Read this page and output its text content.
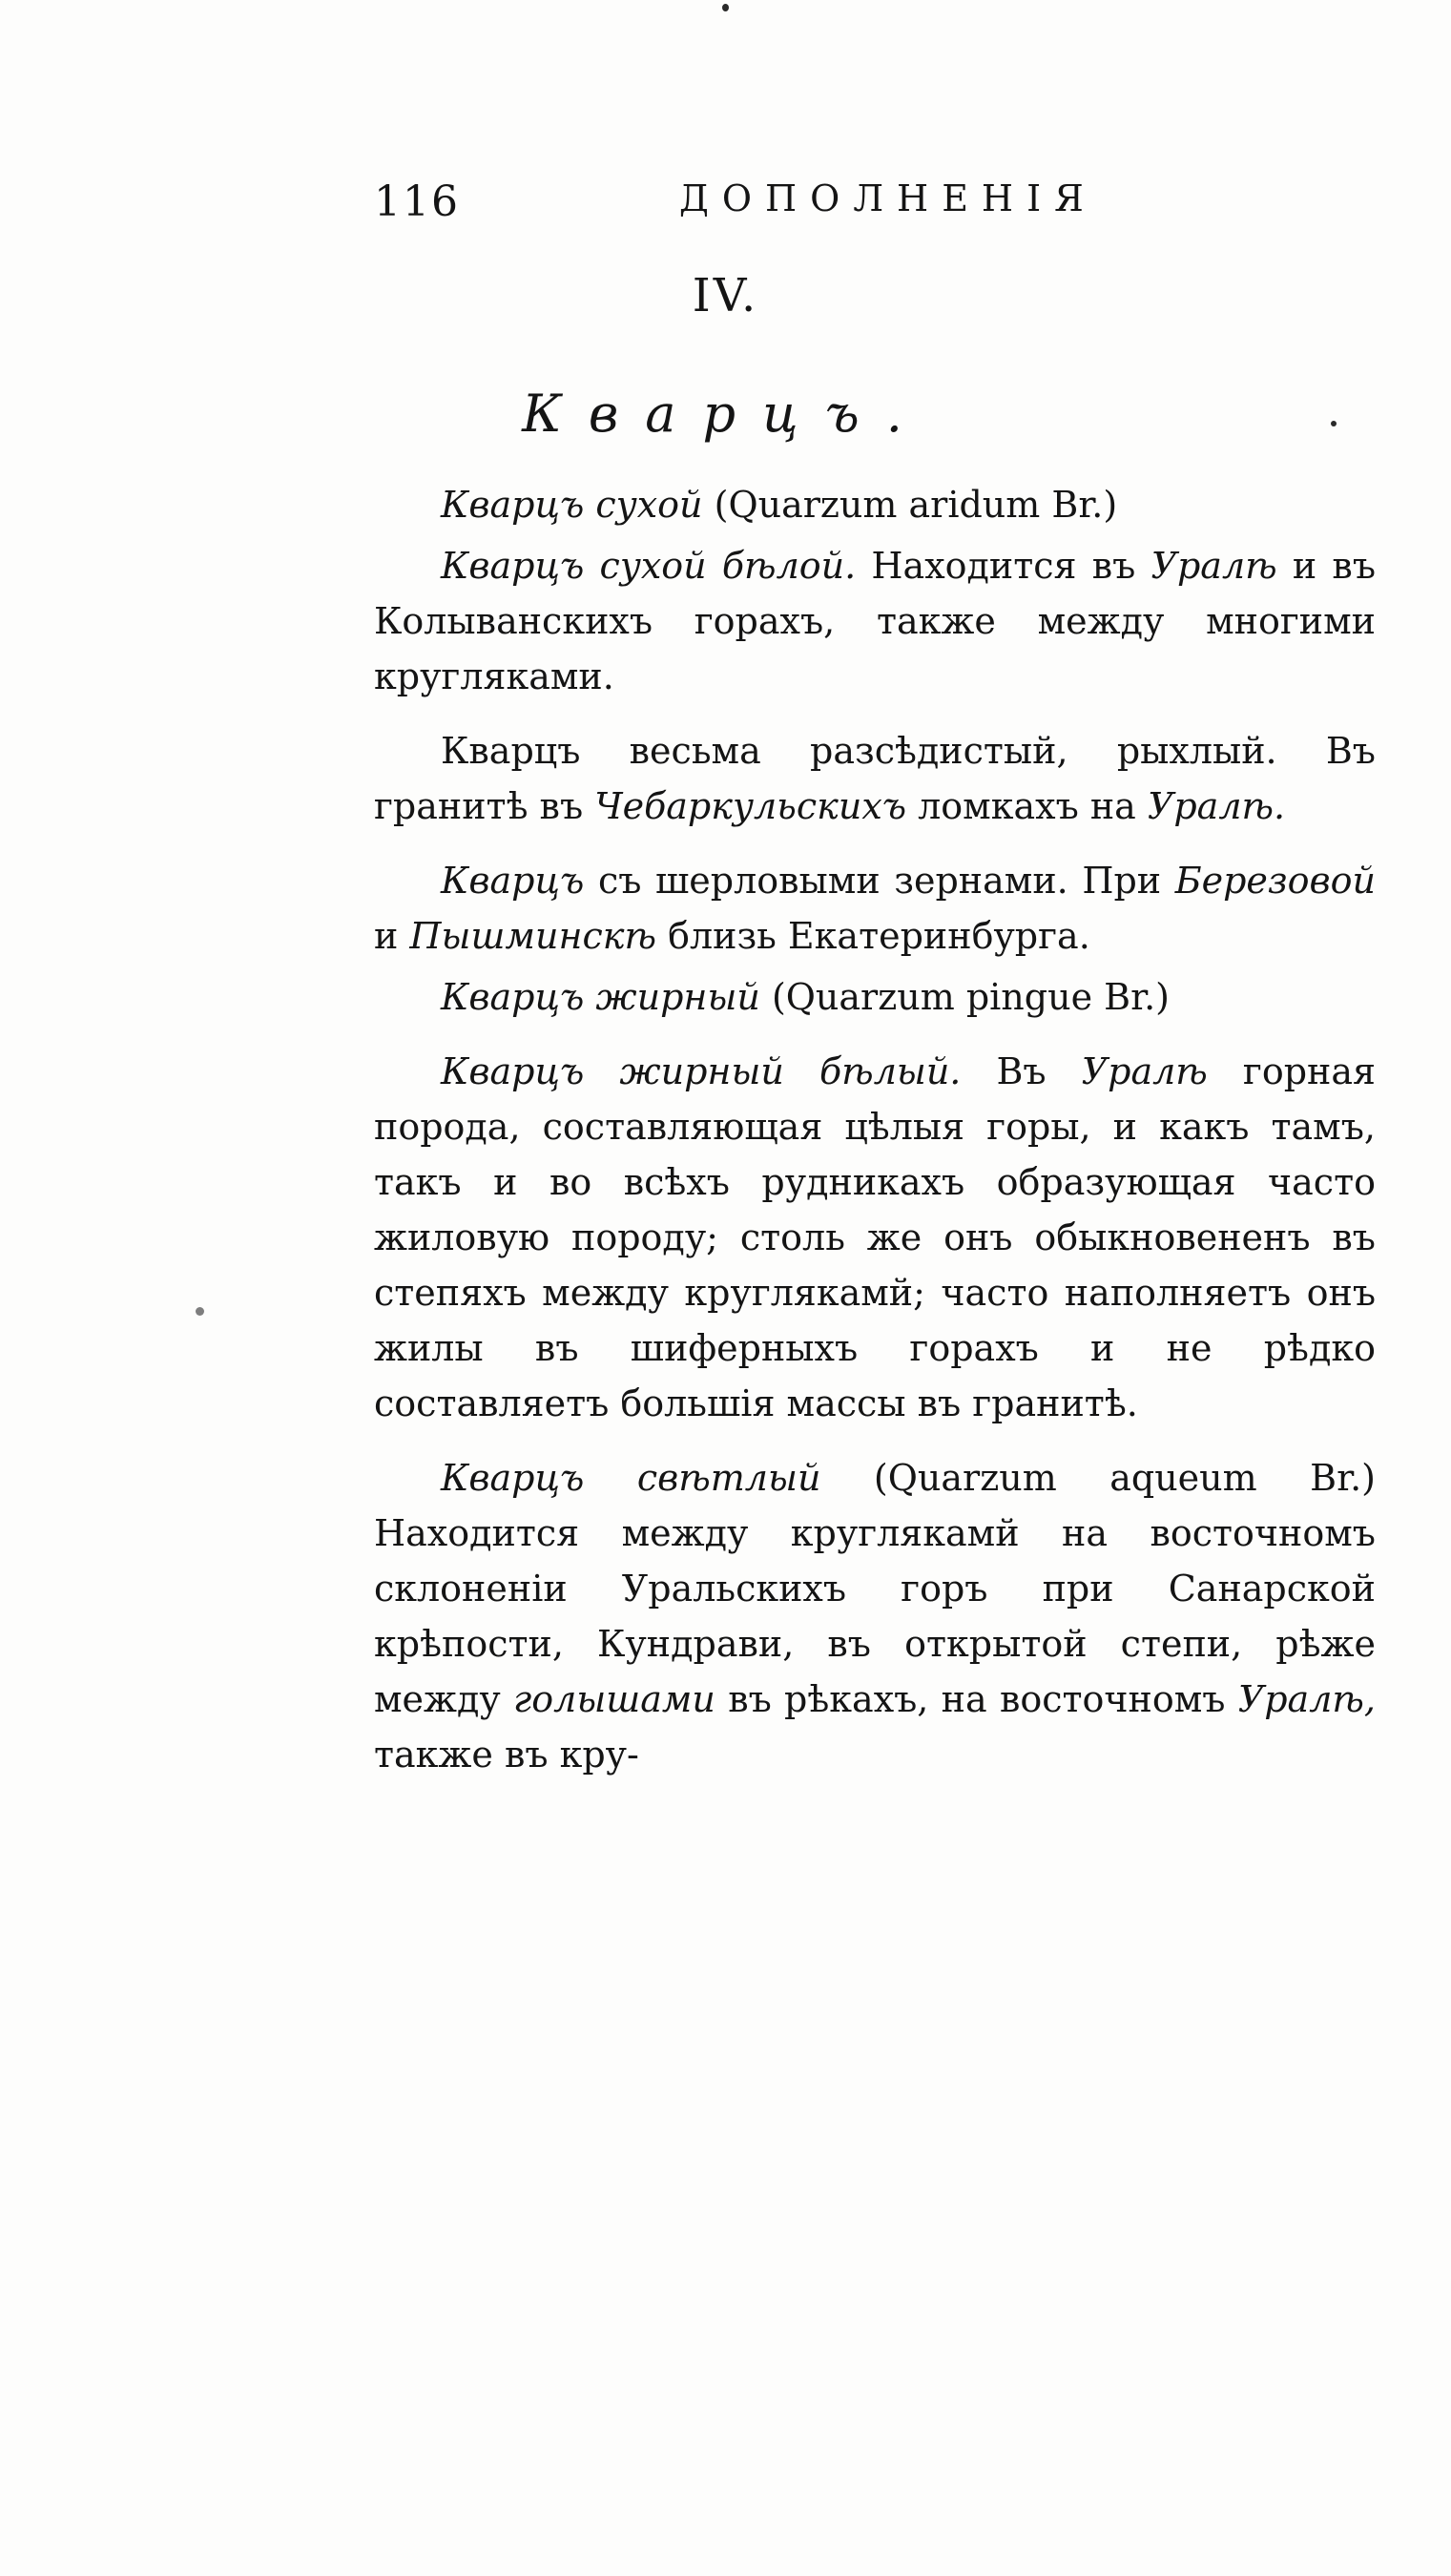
116	ДОПОЛНЕНІЯ
IV.
Кварцъ.

Кварцъ сухой (Quarzum aridum Br.)

Кварцъ сухой бѣлой. Находится въ Уралѣ и въ Колыванскихъ горахъ, также между многими кругляками.

Кварцъ весьма разсѣдистый, рыхлый. Въ гранитѣ въ Чебаркульскихъ ломкахъ на Уралѣ.

Кварцъ съ шерловыми зернами. При Березовой и Пышминскѣ близь Екатеринбурга.

Кварцъ жирный (Quarzum pingue Br.)

Кварцъ жирный бѣлый. Въ Уралѣ горная порода, составляющая цѣлыя горы, и какъ тамъ, такъ и во всѣхъ рудникахъ образующая часто жиловую породу; столь же онъ обыкновененъ въ степяхъ между круглякамй; часто наполняетъ онъ жилы въ шиферныхъ горахъ и не рѣдко составляетъ большія массы въ гранитѣ.

Кварцъ свѣтлый (Quarzum aqueum Br.) Находится между круглякамй на восточномъ склоненіи Уральскихъ горъ при Санарской крѣпости, Кундрави, въ открытой степи, рѣже между голышами въ рѣкахъ, на восточномъ Уралѣ, также въ кру-
